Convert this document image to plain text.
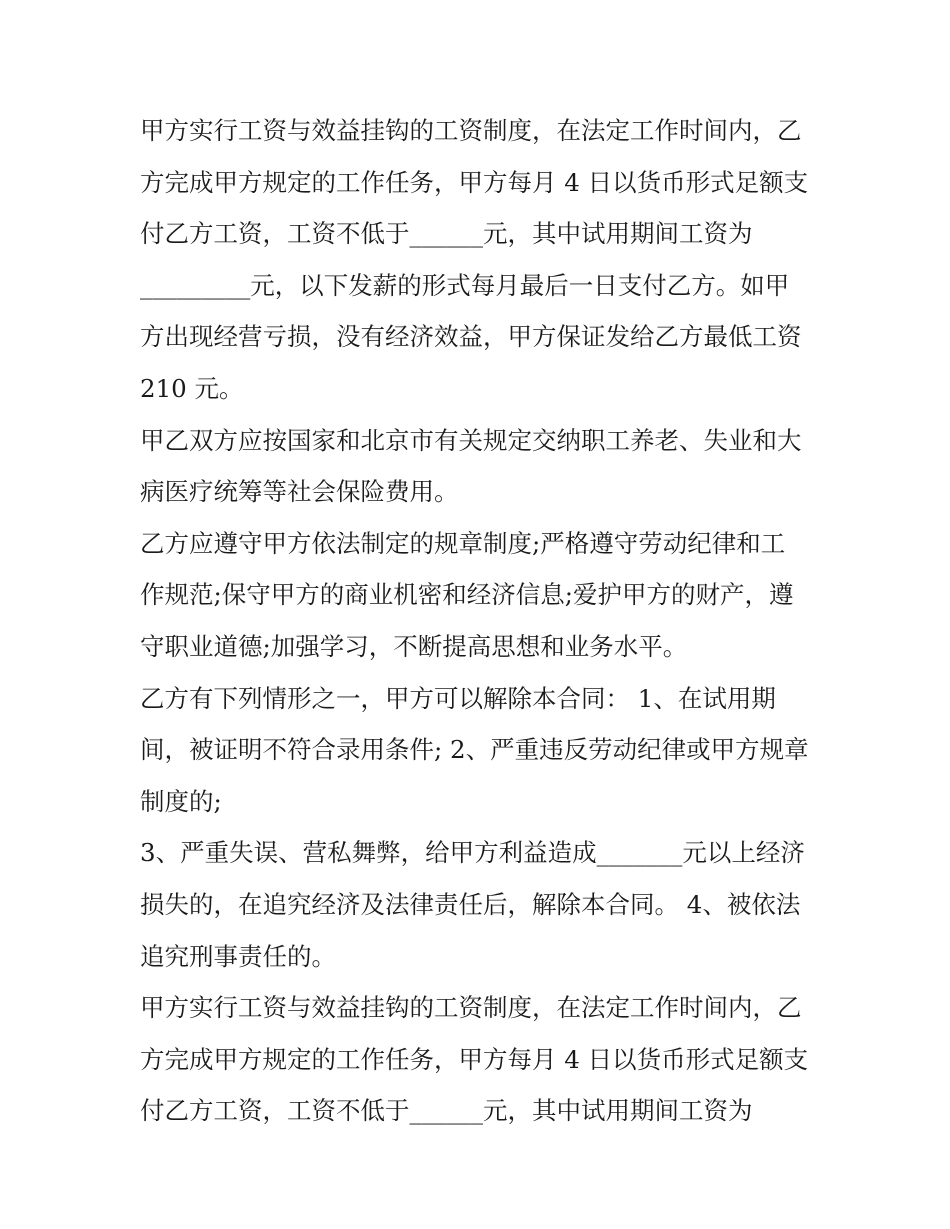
甲方实行工资与效益挂钩的工资制度，在法定工作时间内，乙
方完成甲方规定的工作任务，甲方每月 4 日以货币形式足额支
付乙方工资，工资不低于______元，其中试用期间工资为
_________元，以下发薪的形式每月最后一日支付乙方。如甲
方出现经营亏损，没有经济效益，甲方保证发给乙方最低工资
210 元。
甲乙双方应按国家和北京市有关规定交纳职工养老、失业和大
病医疗统筹等社会保险费用。
乙方应遵守甲方依法制定的规章制度;严格遵守劳动纪律和工
作规范;保守甲方的商业机密和经济信息;爱护甲方的财产，遵
守职业道德;加强学习，不断提高思想和业务水平。
乙方有下列情形之一，甲方可以解除本合同： 1、在试用期
间，被证明不符合录用条件; 2、严重违反劳动纪律或甲方规章
制度的;
3、严重失误、营私舞弊，给甲方利益造成_______元以上经济
损失的，在追究经济及法律责任后，解除本合同。 4、被依法
追究刑事责任的。
甲方实行工资与效益挂钩的工资制度，在法定工作时间内，乙
方完成甲方规定的工作任务，甲方每月 4 日以货币形式足额支
付乙方工资，工资不低于______元，其中试用期间工资为
